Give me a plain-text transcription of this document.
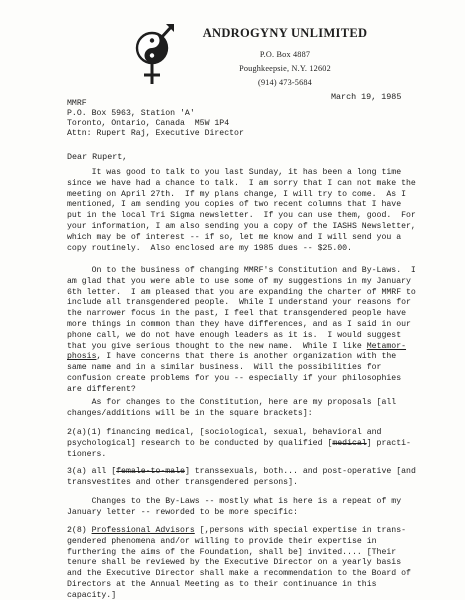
ANDROGYNY UNLIMITED
P.O. Box 4887
Poughkeepsie, N.Y. 12602
(914) 473-5684
March 19, 1985
MMRF
P.O. Box 5963, Station 'A'
Toronto, Ontario, Canada  M5W 1P4
Attn: Rupert Raj, Executive Director
Dear Rupert,
It was good to talk to you last Sunday, it has been a long time
since we have had a chance to talk.  I am sorry that I can not make the
meeting on April 27th.  If my plans change, I will try to come.  As I
mentioned, I am sending you copies of two recent columns that I have
put in the local Tri Sigma newsletter.  If you can use them, good.  For
your information, I am also sending you a copy of the IASHS Newsletter,
which may be of interest -- if so, let me know and I will send you a
copy routinely.  Also enclosed are my 1985 dues -- $25.00.
On to the business of changing MMRF's Constitution and By-Laws.  I
am glad that you were able to use some of my suggestions in my January
6th letter.  I am pleased that you are expanding the charter of MMRF to
include all transgendered people.  While I understand your reasons for
the narrower focus in the past, I feel that transgendered people have
more things in common than they have differences, and as I said in our
phone call, we do not have enough leaders as it is.  I would suggest
that you give serious thought to the new name.  While I like Metamor-
phosis, I have concerns that there is another organization with the
same name and in a similar business.  Will the possibilities for
confusion create problems for you -- especially if your philosophies
are different?
As for changes to the Constitution, here are my proposals [all
changes/additions will be in the square brackets]:
2(a)(1) financing medical, [sociological, sexual, behavioral and
psychological] research to be conducted by qualified [medical] practi-
tioners.
3(a) all [female-to-male] transsexuals, both... and post-operative [and
transvestites and other transgendered persons].
Changes to the By-Laws -- mostly what is here is a repeat of my
January letter -- reworded to be more specific:
2(8) Professional Advisors [,persons with special expertise in trans-
gendered phenomena and/or willing to provide their expertise in
furthering the aims of the Foundation, shall be] invited.... [Their
tenure shall be reviewed by the Executive Director on a yearly basis
and the Executive Director shall make a recommendation to the Board of
Directors at the Annual Meeting as to their continuance in this
capacity.]
